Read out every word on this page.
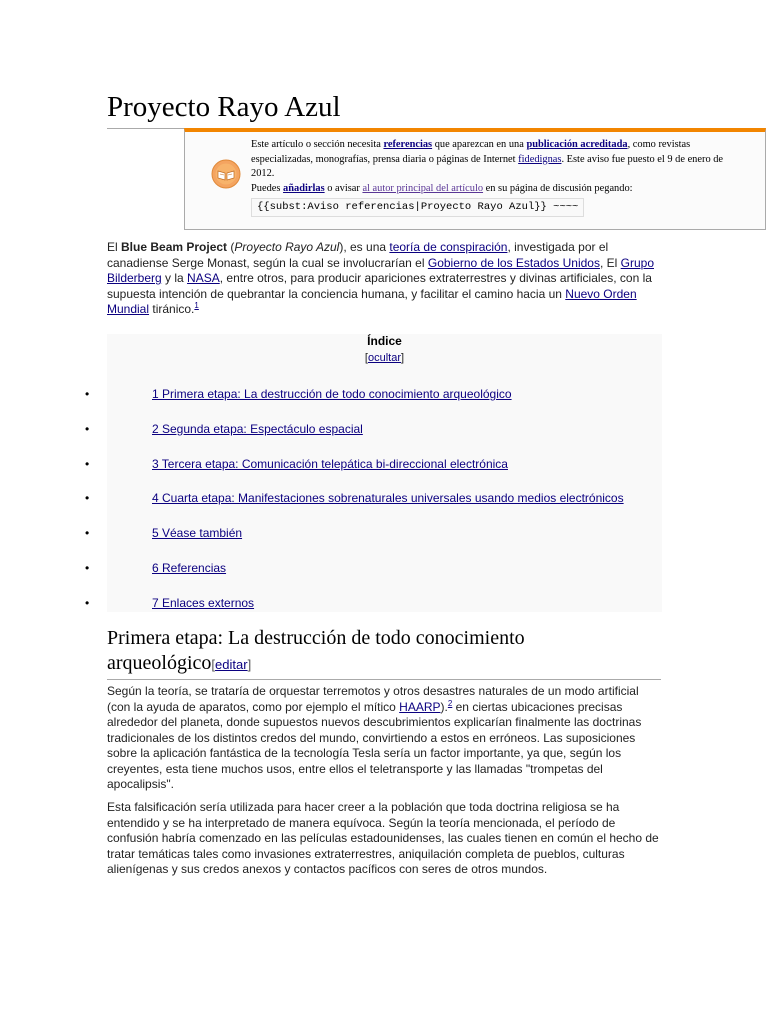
Proyecto Rayo Azul
Este artículo o sección necesita referencias que aparezcan en una publicación acreditada, como revistas especializadas, monografías, prensa diaria o páginas de Internet fidedignas. Este aviso fue puesto el 9 de enero de 2012.
Puedes añadirlas o avisar al autor principal del artículo en su página de discusión pegando: {{subst:Aviso referencias|Proyecto Rayo Azul}} ~~~~
El Blue Beam Project (Proyecto Rayo Azul), es una teoría de conspiración, investigada por el canadiense Serge Monast, según la cual se involucrarían el Gobierno de los Estados Unidos, El Grupo Bilderberg y la NASA, entre otros, para producir apariciones extraterrestres y divinas artificiales, con la supuesta intención de quebrantar la conciencia humana, y facilitar el camino hacia un Nuevo Orden Mundial tiránico.$^1$
Índice
[ocultar]
•	1 Primera etapa: La destrucción de todo conocimiento arqueológico
•	2 Segunda etapa: Espectáculo espacial
•	3 Tercera etapa: Comunicación telepática bi-direccional electrónica
•	4 Cuarta etapa: Manifestaciones sobrenaturales universales usando medios electrónicos
•	5 Véase también
•	6 Referencias
•	7 Enlaces externos
Primera etapa: La destrucción de todo conocimiento arqueológico[editar]
Según la teoría, se trataría de orquestar terremotos y otros desastres naturales de un modo artificial (con la ayuda de aparatos, como por ejemplo el mítico HAARP).$^2$ en ciertas ubicaciones precisas alrededor del planeta, donde supuestos nuevos descubrimientos explicarían finalmente las doctrinas tradicionales de los distintos credos del mundo, convirtiendo a estos en erróneos. Las suposiciones sobre la aplicación fantástica de la tecnología Tesla sería un factor importante, ya que, según los creyentes, esta tiene muchos usos, entre ellos el teletransporte y las llamadas "trompetas del apocalipsis".
Esta falsificación sería utilizada para hacer creer a la población que toda doctrina religiosa se ha entendido y se ha interpretado de manera equívoca. Según la teoría mencionada, el período de confusión habría comenzado en las películas estadounidenses, las cuales tienen en común el hecho de tratar temáticas tales como invasiones extraterrestres, aniquilación completa de pueblos, culturas alienígenas y sus credos anexos y contactos pacíficos con seres de otros mundos.
